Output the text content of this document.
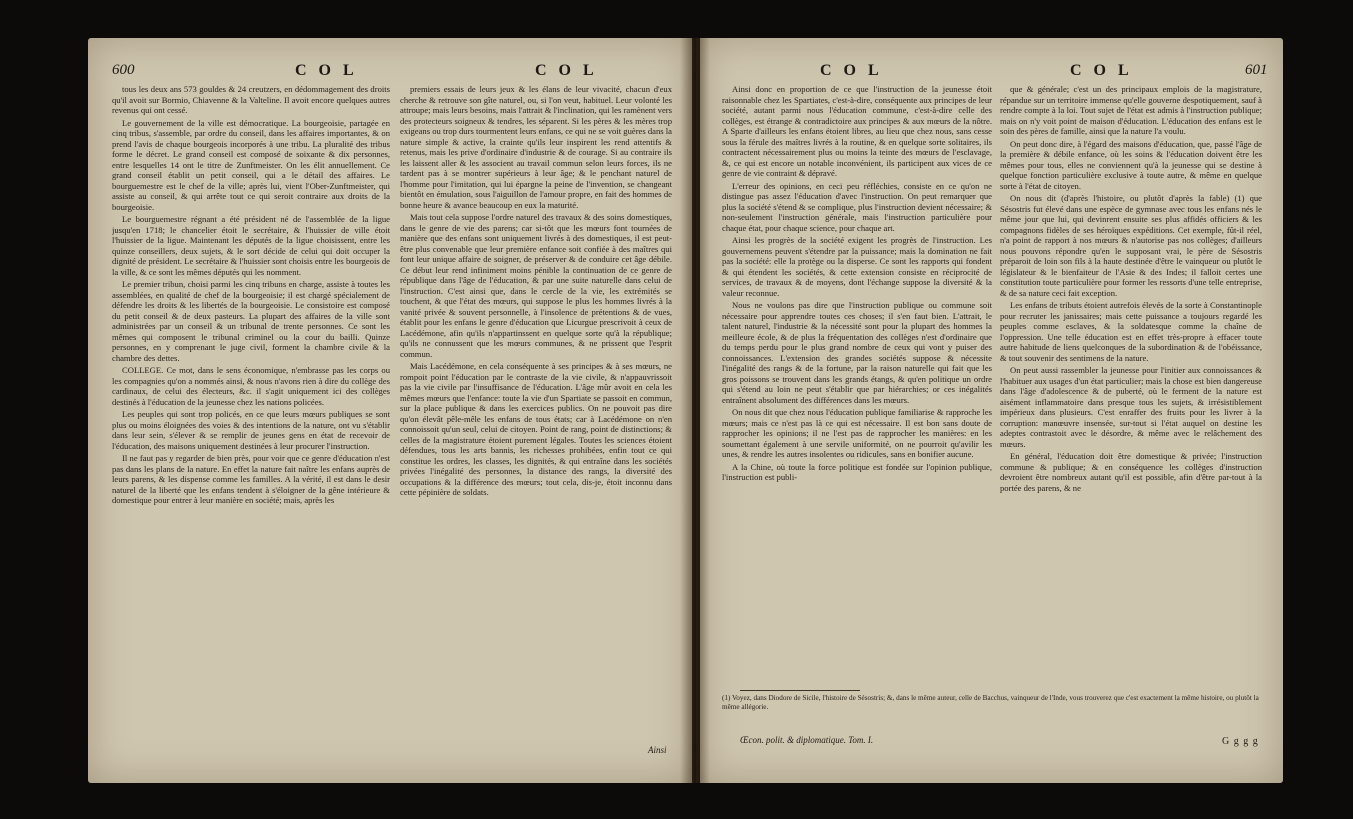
600	C O L	C O L	C O L	C O L	601

tous les deux ans 573 gouldes & 24 creutzers, en dédommagement des droits qu'il avoit sur Bormio, Chiavenne & la Valteline. Il avoit encore quelques autres revenus qui ont cessé.

Le gouvernement de la ville est démocratique. La bourgeoisie, partagée en cinq tribus, s'assemble, par ordre du conseil, dans les affaires importantes, & on prend l'avis de chaque bourgeois incorporés à une tribu. La pluralité des tribus forme le décret. Le grand conseil est composé de soixante & dix personnes, entre lesquelles 14 ont le titre de Zunftmeister. On les élit annuellement. Ce grand conseil établit un petit conseil, qui a le détail des affaires. Le bourguemestre est le chef de la ville; après lui, vient l'Ober-Zunftmeister, qui assiste au conseil, & qui arrête tout ce qui seroit contraire aux droits de la bourgeoisie.

Le bourguemestre régnant a été président né de l'assemblée de la ligue jusqu'en 1718; le chancelier étoit le secrétaire, & l'huissier de ville étoit l'huissier de la ligue. Maintenant les députés de la ligue choisissent, entre les quinze conseillers, deux sujets, & le sort décide de celui qui doit occuper la dignité de président. Le secrétaire & l'huissier sont choisis entre les bourgeois de la ville, & ce sont les mêmes députés qui les nomment.

Le premier tribun, choisi parmi les cinq tribuns en charge, assiste à toutes les assemblées, en qualité de chef de la bourgeoisie; il est chargé spécialement de défendre les droits & les libertés de la bourgeoisie. Le consistoire est composé du petit conseil & de deux pasteurs. La plupart des affaires de la ville sont administrées par un conseil & un tribunal de trente personnes. Ce sont les mêmes qui composent le tribunal criminel ou la cour du bailli. Quinze personnes, en y comprenant le juge civil, forment la chambre civile & la chambre des dettes.

COLLEGE. Ce mot, dans le sens économique, n'embrasse pas les corps ou les compagnies qu'on a nommés ainsi, & nous n'avons rien à dire du collège des cardinaux, de celui des électeurs, &c. il s'agit uniquement ici des collèges destinés à l'éducation de la jeunesse chez les nations policées.

Les peuples qui sont trop policés, en ce que leurs mœurs publiques se sont plus ou moins éloignées des voies & des intentions de la nature, ont vu s'établir dans leur sein, s'élever & se remplir de jeunes gens en état de recevoir de l'éducation, des maisons uniquement destinées à leur procurer l'instruction.

Il ne faut pas y regarder de bien près, pour voir que ce genre d'éducation n'est pas dans les plans de la nature. En effet la nature fait naître les enfans auprès de leurs parens, & les dispense comme les familles. A la vérité, il est dans le desir naturel de la liberté que les enfans tendent à s'éloigner de la gêne intérieure & domestique pour entrer à leur manière en société; mais, après les

premiers essais de leurs jeux & les élans de leur vivacité, chacun d'eux cherche & retrouve son gîte naturel, ou, si l'on veut, habituel. Leur volonté les attroupe; mais leurs besoins, mais l'attrait & l'inclination, qui les ramènent vers des protecteurs soigneux & tendres, les séparent. Si les pères & les mères trop exigeans ou trop durs tourmentent leurs enfans, ce qui ne se voit guères dans la nature simple & active, la crainte qu'ils leur inspirent les rend attentifs & retenus, mais les prive d'ordinaire d'industrie & de courage. Si au contraire ils les laissent aller & les associent au travail commun selon leurs forces, ils ne tardent pas à se montrer supérieurs à leur âge; & le penchant naturel de l'homme pour l'imitation, qui lui épargne la peine de l'invention, se changeant bientôt en émulation, sous l'aiguillon de l'amour propre, en fait des hommes de bonne heure & avance beaucoup en eux la maturité.

Mais tout cela suppose l'ordre naturel des travaux & des soins domestiques, dans le genre de vie des parens; car si-tôt que les mœurs font tournées de manière que des enfans sont uniquement livrés à des domestiques, il est peut-être plus convenable que leur première enfance soit confiée à des maîtres qui font leur unique affaire de soigner, de préserver & de conduire cet âge débile. Ce début leur rend infiniment moins pénible la continuation de ce genre de république dans l'âge de l'éducation, & par une suite naturelle dans celui de l'instruction. C'est ainsi que, dans le cercle de la vie, les extrémités se touchent, & que l'état des mœurs, qui suppose le plus les hommes livrés à la vanité privée & souvent personnelle, à l'insolence de prétentions & de vues, établit pour les enfans le genre d'éducation que Licurgue prescrivoit à ceux de Lacédémone, afin qu'ils n'appartinssent en quelque sorte qu'à la république; qu'ils ne connussent que les mœurs communes, & ne prissent que l'esprit commun.

Mais Lacédémone, en cela conséquente à ses principes & à ses mœurs, ne rompoit point l'éducation par le contraste de la vie civile, & n'appauvrissoit pas la vie civile par l'insuffisance de l'éducation. L'âge mûr avoit en cela les mêmes mœurs que l'enfance: toute la vie d'un Spartiate se passoit en commun, sur la place publique & dans les exercices publics. On ne pouvoit pas dire qu'on élevât pêle-mêle les enfans de tous états; car à Lacédémone on n'en connoissoit qu'un seul, celui de citoyen. Point de rang, point de distinctions; & celles de la magistrature étoient purement légales. Toutes les sciences étoient défendues, tous les arts bannis, les richesses prohibées, enfin tout ce qui constitue les ordres, les classes, les dignités, & qui entraîne dans les sociétés privées l'inégalité des personnes, la distance des rangs, la diversité des occupations & la différence des mœurs; tout cela, dis-je, étoit inconnu dans cette pépinière de soldats.

Ainsi

Ainsi donc en proportion de ce que l'instruction de la jeunesse étoit raisonnable chez les Spartiates, c'est-à-dire, conséquente aux principes de leur société, autant parmi nous l'éducation commune, c'est-à-dire celle des collèges, est étrange & contradictoire aux principes & aux mœurs de la nôtre. A Sparte d'ailleurs les enfans étoient libres, au lieu que chez nous, sans cesse sous la férule des maîtres livrés à la routine, & en quelque sorte solitaires, ils contractent nécessairement plus ou moins la teinte des mœurs de l'esclavage, &, ce qui est encore un notable inconvénient, ils participent aux vices de ce genre de vie contraint & dépravé.

L'erreur des opinions, en ceci peu réfléchies, consiste en ce qu'on ne distingue pas assez l'éducation d'avec l'instruction. On peut remarquer que plus la société s'étend & se complique, plus l'instruction devient nécessaire; & non-seulement l'instruction générale, mais l'instruction particulière pour chaque état, pour chaque science, pour chaque art.

Ainsi les progrès de la société exigent les progrès de l'instruction. Les gouvernemens peuvent s'étendre par la puissance; mais la domination ne fait pas la société: elle la protège ou la disperse. Ce sont les rapports qui fondent & qui étendent les sociétés, & cette extension consiste en réciprocité de services, de travaux & de moyens, dont l'échange suppose la diversité & la valeur reconnue.

Nous ne voulons pas dire que l'instruction publique ou commune soit nécessaire pour apprendre toutes ces choses; il s'en faut bien. L'attrait, le talent naturel, l'industrie & la nécessité sont pour la plupart des hommes la meilleure école, & de plus la fréquentation des collèges n'est d'ordinaire que du temps perdu pour le plus grand nombre de ceux qui vont y puiser des connoissances. L'extension des grandes sociétés suppose & nécessite l'inégalité des rangs & de la fortune, par la raison naturelle qui fait que les gros poissons se trouvent dans les grands étangs, & qu'en politique un ordre qui s'étend au loin ne peut s'établir que par hiérarchies; or ces inégalités entraînent absolument des différences dans les mœurs.

On nous dit que chez nous l'éducation publique familiarise & rapproche les mœurs; mais ce n'est pas là ce qui est nécessaire. Il est bon sans doute de rapprocher les opinions; il ne l'est pas de rapprocher les manières: en les soumettant également à une servile uniformité, on ne pourroit qu'avilir les unes, & rendre les autres insolentes ou ridicules, sans en bonifier aucune.

A la Chine, où toute la force politique est fondée sur l'opinion publique, l'instruction est publi-

que & générale; c'est un des principaux emplois de la magistrature, répandue sur un territoire immense qu'elle gouverne despotiquement, sauf à rendre compte à la loi. Tout sujet de l'état est admis à l'instruction publique; mais on n'y voit point de maison d'éducation. L'éducation des enfans est le soin des pères de famille, ainsi que la nature l'a voulu.

On peut donc dire, à l'égard des maisons d'éducation, que, passé l'âge de la première & débile enfance, où les soins & l'éducation doivent être les mêmes pour tous, elles ne conviennent qu'à la jeunesse qui se destine à quelque fonction particulière exclusive à toute autre, & même en quelque sorte à l'état de citoyen.

On nous dit (d'après l'histoire, ou plutôt d'après la fable) (1) que Sésostris fut élevé dans une espèce de gymnase avec tous les enfans nés le même jour que lui, qui devinrent ensuite ses plus affidés officiers & les compagnons fidèles de ses héroïques expéditions. Cet exemple, fût-il réel, n'a point de rapport à nos mœurs & n'autorise pas nos collèges; d'ailleurs nous pouvons répondre qu'en le supposant vrai, le père de Sésostris préparoit de loin son fils à la haute destinée d'être le vainqueur ou plutôt le législateur & le bienfaiteur de l'Asie & des Indes; il falloit certes une constitution toute particulière pour former les ressorts d'une telle entreprise, & de sa nature ceci fait exception.

Les enfans de tributs étoient autrefois élevés de la sorte à Constantinople pour recruter les janissaires; mais cette puissance a toujours regardé les peuples comme esclaves, & la soldatesque comme la chaîne de l'oppression. Une telle éducation est en effet très-propre à effacer toute autre habitude de liens quelconques de la subordination & de l'obéissance, & tout souvenir des sentimens de la nature.

On peut aussi rassembler la jeunesse pour l'initier aux connoissances & l'habituer aux usages d'un état particulier; mais la chose est bien dangereuse dans l'âge d'adolescence & de puberté, où le ferment de la nature est aisément inflammatoire dans presque tous les sujets, & irrésistiblement impérieux dans plusieurs. C'est enraffer des fruits pour les livrer à la corruption: manœuvre insensée, sur-tout si l'état auquel on destine les adeptes contrastoit avec le désordre, & même avec le relâchement des mœurs.

En général, l'éducation doit être domestique & privée; l'instruction commune & publique; & en conséquence les collèges d'instruction devroient être nombreux autant qu'il est possible, afin d'être par-tout à la portée des parens, & ne

(1) Voyez, dans Diodore de Sicile, l'histoire de Sésostris; &, dans le même auteur, celle de Bacchus, vainqueur de l'Inde, vous trouverez que c'est exactement la même histoire, ou plutôt la même allégorie.
Œcon. polit. & diplomatique. Tom. I.	G g g g
